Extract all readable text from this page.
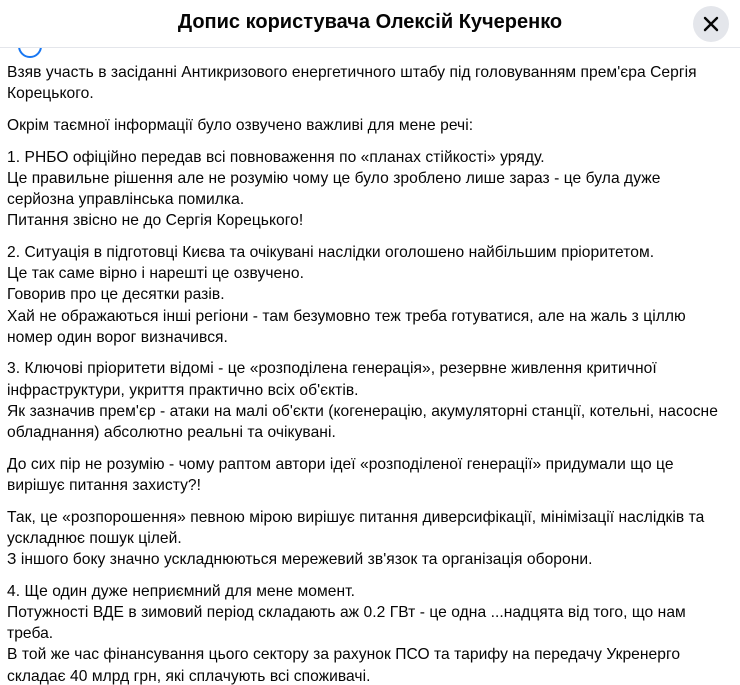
Допис користувача Олексій Кучеренко

Взяв участь в засіданні Антикризового енергетичного штабу під головуванням прем'єра Сергія
Корецького.

Окрім таємної інформації було озвучено важливі для мене речі:

1. РНБО офіційно передав всі повноваження по «планах стійкості» уряду.
Це правильне рішення але не розумію чому це було зроблено лише зараз - це була дуже
серйозна управлінська помилка.
Питання звісно не до Сергія Корецького!

2. Ситуація в підготовці Києва та очікувані наслідки оголошено найбільшим пріоритетом.
Це так саме вірно і нарешті це озвучено.
Говорив про це десятки разів.
Хай не ображаються інші регіони - там безумовно теж треба готуватися, але на жаль з ціллю
номер один ворог визначився.

3. Ключові пріоритети відомі - це «розподілена генерація», резервне живлення критичної
інфраструктури, укриття практично всіх об'єктів.
Як зазначив прем'єр - атаки на малі об'єкти (когенерацію, акумуляторні станції, котельні, насосне
обладнання) абсолютно реальні та очікувані.

До сих пір не розумію - чому раптом автори ідеї «розподіленої генерації» придумали що це
вирішує питання захисту?!

Так, це «розпорошення» певною мірою вирішує питання диверсифікації, мінімізації наслідків та
ускладнює пошук цілей.
З іншого боку значно ускладнюються мережевий зв'язок та організація оборони.

4. Ще один дуже неприємний для мене момент.
Потужності ВДЕ в зимовий період складають аж 0.2 ГВт - це одна ...надцята від того, що нам
треба.
В той же час фінансування цього сектору за рахунок ПСО та тарифу на передачу Укренерго
складає 40 млрд грн, які сплачують всі споживачі.
